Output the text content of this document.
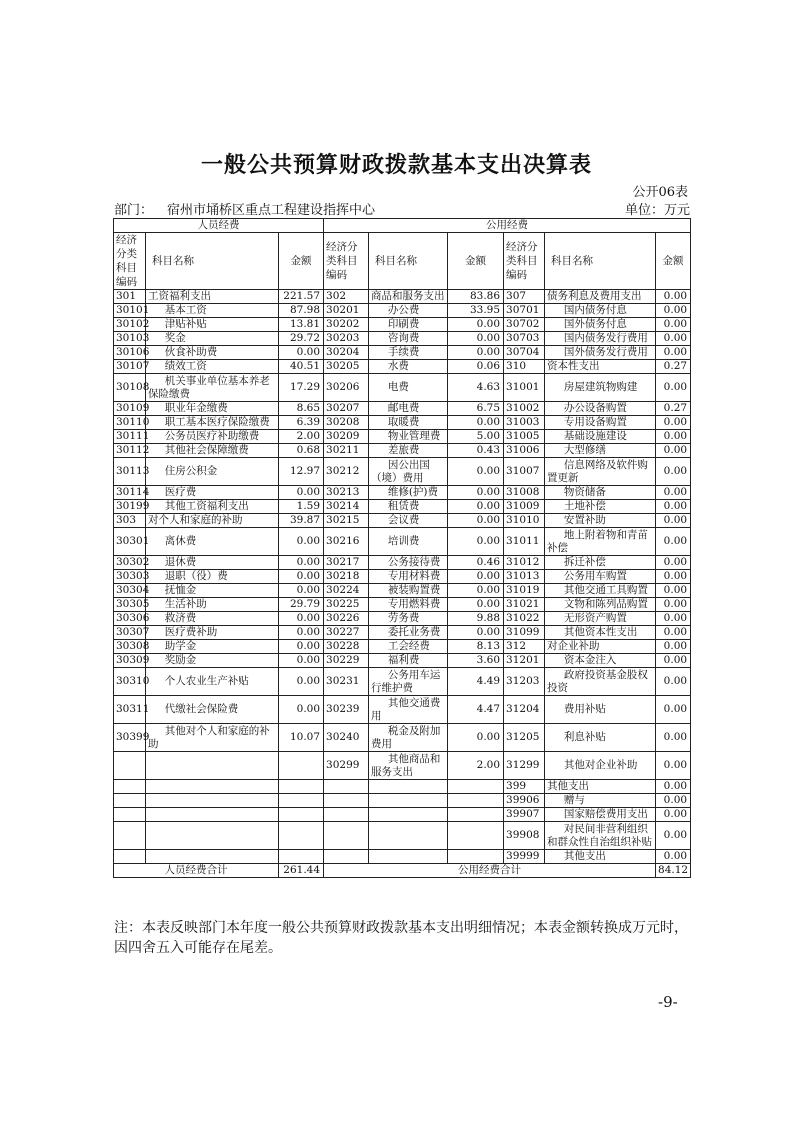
一般公共预算财政拨款基本支出决算表
公开06表
部门： 宿州市埇桥区重点工程建设指挥中心	单位：万元
人员经费			公用经费					
经济分类科目编码	科目名称	金额	经济分类科目编码	科目名称	金额	经济分类科目编码	科目名称	金额
301	工资福利支出	221.57	302	商品和服务支出	83.86	307	债务利息及费用支出	0.00
30101	基本工资	87.98	30201	办公费	33.95	30701	国内债务付息	0.00
30102	津贴补贴	13.81	30202	印刷费	0.00	30702	国外债务付息	0.00
30103	奖金	29.72	30203	咨询费	0.00	30703	国内债务发行费用	0.00
30106	伙食补助费	0.00	30204	手续费	0.00	30704	国外债务发行费用	0.00
30107	绩效工资	40.51	30205	水费	0.06	310	资本性支出	0.27
30108	机关事业单位基本养老保险缴费	17.29	30206	电费	4.63	31001	房屋建筑物购建	0.00
30109	职业年金缴费	8.65	30207	邮电费	6.75	31002	办公设备购置	0.27
30110	职工基本医疗保险缴费	6.39	30208	取暖费	0.00	31003	专用设备购置	0.00
30111	公务员医疗补助缴费	2.00	30209	物业管理费	5.00	31005	基础设施建设	0.00
30112	其他社会保障缴费	0.68	30211	差旅费	0.43	31006	大型修缮	0.00
30113	住房公积金	12.97	30212	因公出国（境）费用	0.00	31007	信息网络及软件购置更新	0.00
30114	医疗费	0.00	30213	维修(护)费	0.00	31008	物资储备	0.00
30199	其他工资福利支出	1.59	30214	租赁费	0.00	31009	土地补偿	0.00
303	对个人和家庭的补助	39.87	30215	会议费	0.00	31010	安置补助	0.00
30301	离休费	0.00	30216	培训费	0.00	31011	地上附着物和青苗补偿	0.00
30302	退休费	0.00	30217	公务接待费	0.46	31012	拆迁补偿	0.00
30303	退职（役）费	0.00	30218	专用材料费	0.00	31013	公务用车购置	0.00
30304	抚恤金	0.00	30224	被装购置费	0.00	31019	其他交通工具购置	0.00
30305	生活补助	29.79	30225	专用燃料费	0.00	31021	文物和陈列品购置	0.00
30306	救济费	0.00	30226	劳务费	9.88	31022	无形资产购置	0.00
30307	医疗费补助	0.00	30227	委托业务费	0.00	31099	其他资本性支出	0.00
30308	助学金	0.00	30228	工会经费	8.13	312	对企业补助	0.00
30309	奖励金	0.00	30229	福利费	3.60	31201	资本金注入	0.00
30310	个人农业生产补贴	0.00	30231	公务用车运行维护费	4.49	31203	政府投资基金股权投资	0.00
30311	代缴社会保险费	0.00	30239	其他交通费用	4.47	31204	费用补贴	0.00
30399	其他对个人和家庭的补助	10.07	30240	税金及附加费用	0.00	31205	利息补贴	0.00
			30299	其他商品和服务支出	2.00	31299	其他对企业补助	0.00
						399	其他支出	0.00
						39906	赠与	0.00
						39907	国家赔偿费用支出	0.00
						39908	对民间非营利组织和群众性自治组织补贴	0.00
						39999	其他支出	0.00
人员经费合计		261.44	公用经费合计					84.12
注：本表反映部门本年度一般公共预算财政拨款基本支出明细情况；本表金额转换成万元时，因四舍五入可能存在尾差。
-9-
